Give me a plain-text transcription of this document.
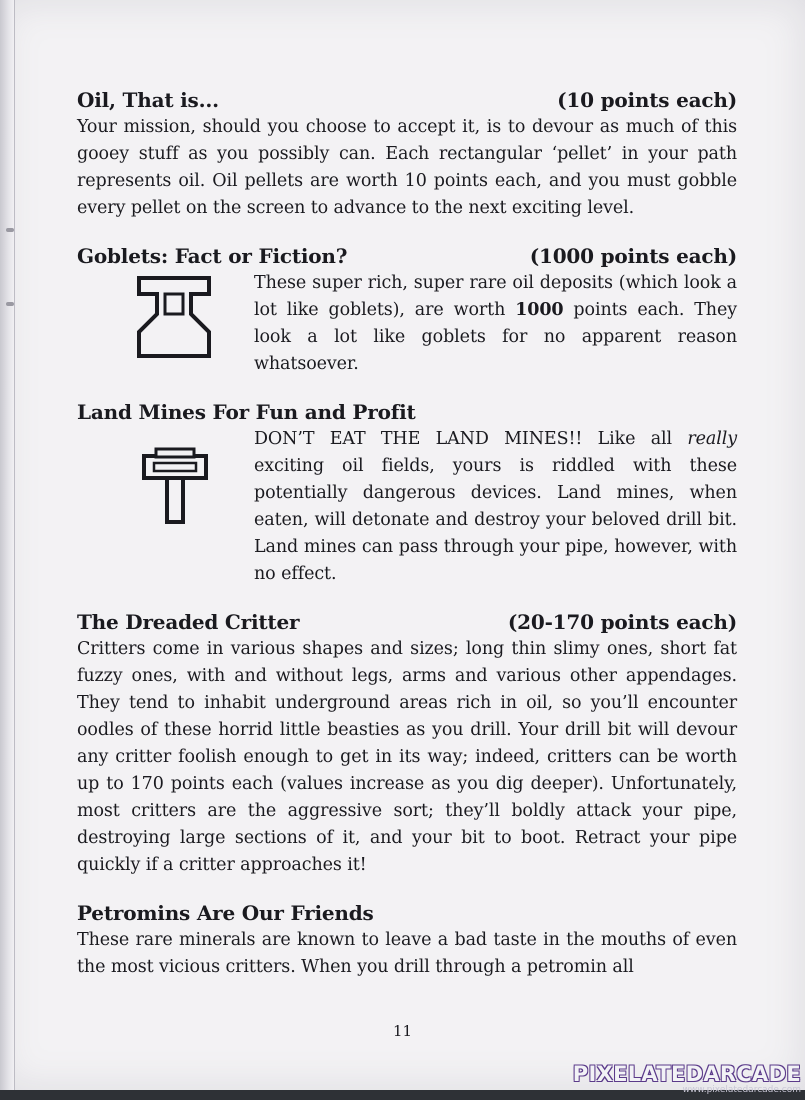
Oil, That is...	(10 points each)

Your mission, should you choose to accept it, is to devour as much of this gooey stuff as you possibly can. Each rectangular ‘pellet’ in your path represents oil. Oil pellets are worth 10 points each, and you must gobble every pellet on the screen to advance to the next exciting level.

Goblets: Fact or Fiction?	(1000 points each)

These super rich, super rare oil deposits (which look a lot like goblets), are worth 1000 points each. They look a lot like goblets for no apparent reason whatsoever.

Land Mines For Fun and Profit

DON’T EAT THE LAND MINES!! Like all really exciting oil fields, yours is riddled with these potentially dangerous devices. Land mines, when eaten, will detonate and destroy your beloved drill bit. Land mines can pass through your pipe, however, with no effect.

The Dreaded Critter	(20-170 points each)

Critters come in various shapes and sizes; long thin slimy ones, short fat fuzzy ones, with and without legs, arms and various other appendages. They tend to inhabit underground areas rich in oil, so you’ll encounter oodles of these horrid little beasties as you drill. Your drill bit will devour any critter foolish enough to get in its way; indeed, critters can be worth up to 170 points each (values increase as you dig deeper). Unfortunately, most critters are the aggressive sort; they’ll boldly attack your pipe, destroying large sections of it, and your bit to boot. Retract your pipe quickly if a critter approaches it!

Petromins Are Our Friends

These rare minerals are known to leave a bad taste in the mouths of even the most vicious critters. When you drill through a petromin all

11
PIXELATEDARCADE
www.pixelatedarcade.com
